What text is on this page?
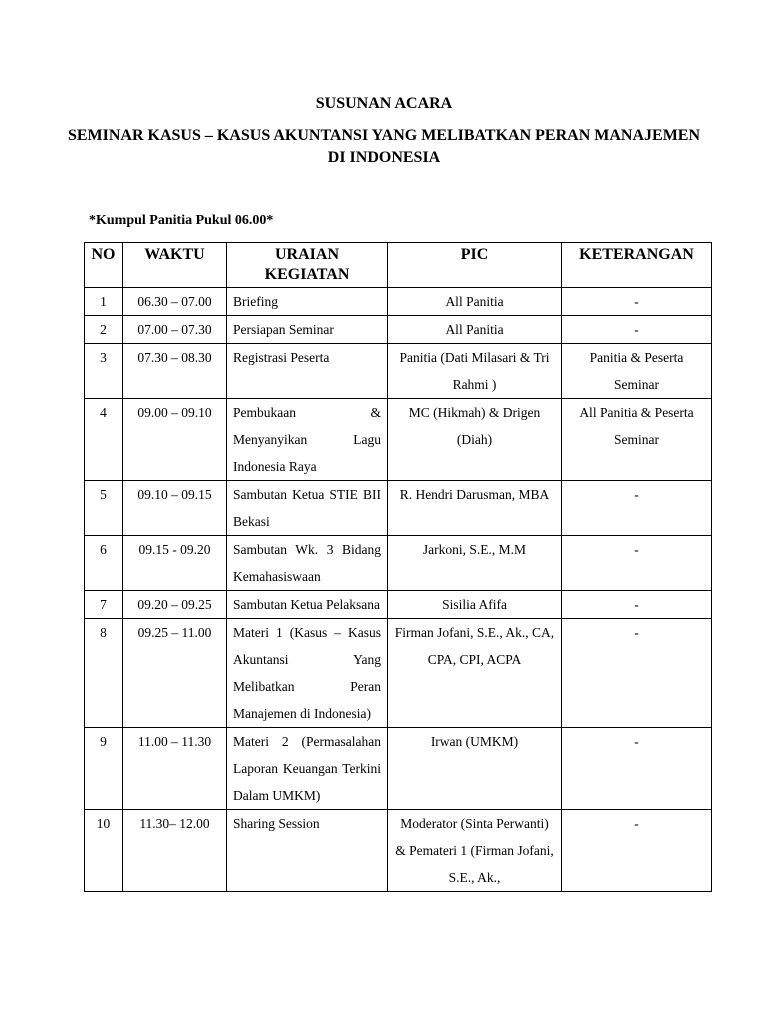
SUSUNAN ACARA
SEMINAR KASUS – KASUS AKUNTANSI YANG MELIBATKAN PERAN MANAJEMEN DI INDONESIA
*Kumpul Panitia Pukul 06.00*
NO	WAKTU	URAIAN KEGIATAN	PIC	KETERANGAN
1	06.30 – 07.00	Briefing	All Panitia	-
2	07.00 – 07.30	Persiapan Seminar	All Panitia	-
3	07.30 – 08.30	Registrasi Peserta	Panitia (Dati Milasari & Tri Rahmi )	Panitia & Peserta Seminar
4	09.00 – 09.10	Pembukaan & Menyanyikan Lagu Indonesia Raya	MC (Hikmah) & Drigen (Diah)	All Panitia & Peserta Seminar
5	09.10 – 09.15	Sambutan Ketua STIE BII Bekasi	R. Hendri Darusman, MBA	-
6	09.15 - 09.20	Sambutan Wk. 3 Bidang Kemahasiswaan	Jarkoni, S.E., M.M	-
7	09.20 – 09.25	Sambutan Ketua Pelaksana	Sisilia Afifa	-
8	09.25 – 11.00	Materi 1 (Kasus – Kasus Akuntansi Yang Melibatkan Peran Manajemen di Indonesia)	Firman Jofani, S.E., Ak., CA, CPA, CPI, ACPA	-
9	11.00 – 11.30	Materi 2 (Permasalahan Laporan Keuangan Terkini Dalam UMKM)	Irwan (UMKM)	-
10	11.30– 12.00	Sharing Session	Moderator (Sinta Perwanti) & Pemateri 1 (Firman Jofani, S.E., Ak.,	-
